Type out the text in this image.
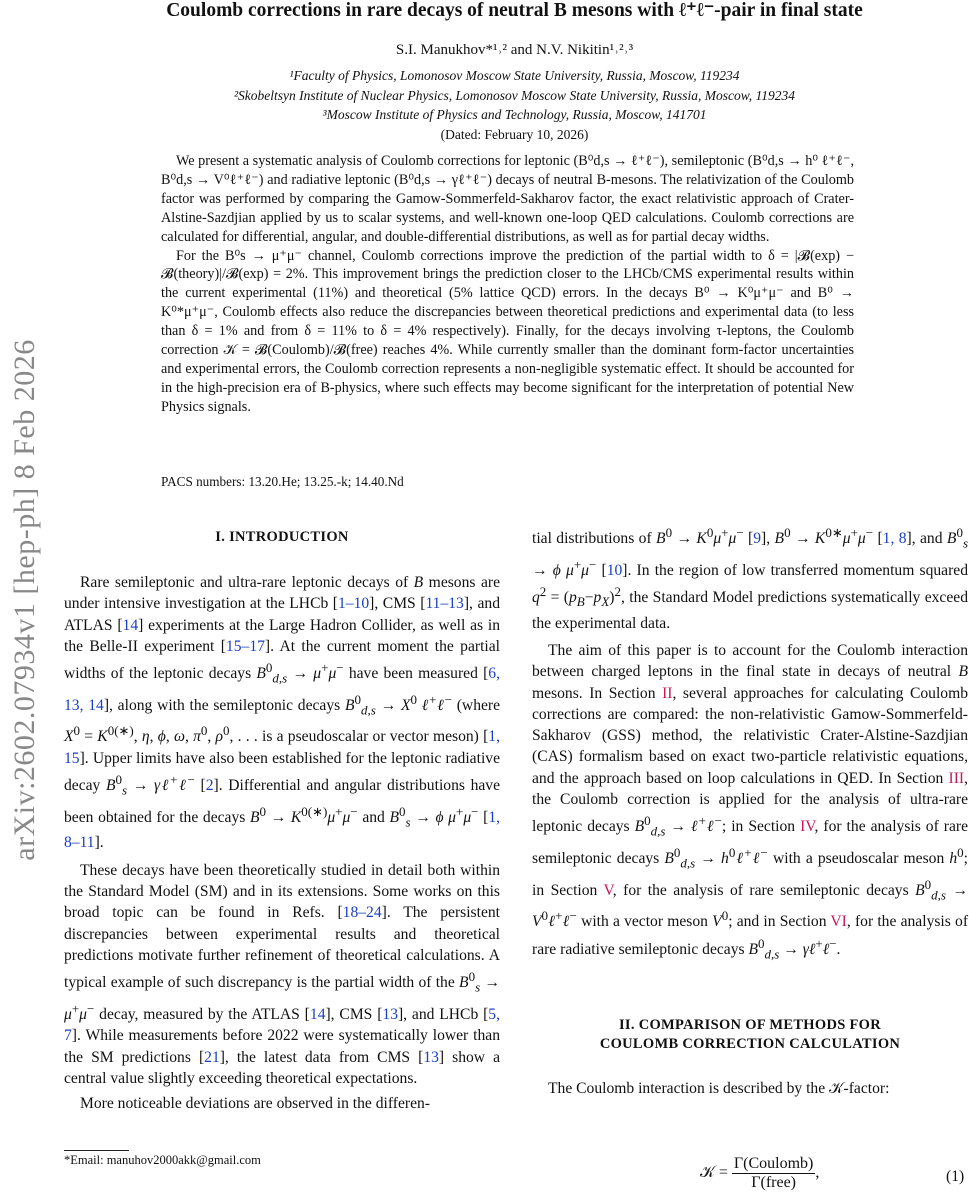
arXiv:2602.07934v1 [hep-ph] 8 Feb 2026
Coulomb corrections in rare decays of neutral B mesons with ℓ⁺ℓ⁻-pair in final state
S.I. Manukhov*¹˒² and N.V. Nikitin¹˒²˒³
¹Faculty of Physics, Lomonosov Moscow State University, Russia, Moscow, 119234
²Skobeltsyn Institute of Nuclear Physics, Lomonosov Moscow State University, Russia, Moscow, 119234
³Moscow Institute of Physics and Technology, Russia, Moscow, 141701
(Dated: February 10, 2026)

We present a systematic analysis of Coulomb corrections for leptonic (B⁰d,s → ℓ⁺ℓ⁻), semileptonic (B⁰d,s → h⁰ ℓ⁺ℓ⁻, B⁰d,s → V⁰ℓ⁺ℓ⁻) and radiative leptonic (B⁰d,s → γℓ⁺ℓ⁻) decays of neutral B-mesons. The relativization of the Coulomb factor was performed by comparing the Gamow-Sommerfeld-Sakharov factor, the exact relativistic approach of Crater-Alstine-Sazdjian applied by us to scalar systems, and well-known one-loop QED calculations. Coulomb corrections are calculated for differential, angular, and double-differential distributions, as well as for partial decay widths.

For the B⁰s → μ⁺μ⁻ channel, Coulomb corrections improve the prediction of the partial width to δ = |𝓑(exp) − 𝓑(theory)|/𝓑(exp) = 2%. This improvement brings the prediction closer to the LHCb/CMS experimental results within the current experimental (11%) and theoretical (5% lattice QCD) errors. In the decays B⁰ → K⁰μ⁺μ⁻ and B⁰ → K⁰*μ⁺μ⁻, Coulomb effects also reduce the discrepancies between theoretical predictions and experimental data (to less than δ = 1% and from δ = 11% to δ = 4% respectively). Finally, for the decays involving τ-leptons, the Coulomb correction 𝒦 = 𝓑(Coulomb)/𝓑(free) reaches 4%. While currently smaller than the dominant form-factor uncertainties and experimental errors, the Coulomb correction represents a non-negligible systematic effect. It should be accounted for in the high-precision era of B-physics, where such effects may become significant for the interpretation of potential New Physics signals.

PACS numbers: 13.20.He; 13.25.-k; 14.40.Nd
I. INTRODUCTION

Rare semileptonic and ultra-rare leptonic decays of B mesons are under intensive investigation at the LHCb [1–10], CMS [11–13], and ATLAS [14] experiments at the Large Hadron Collider, as well as in the Belle-II experiment [15–17]. At the current moment the partial widths of the leptonic decays $B^0_{d,s} \to \mu^+\mu^-$ have been measured [6, 13, 14], along with the semileptonic decays $B^0_{d,s} \to X^0$ ℓ+ℓ− (where $X^0 = K^{0(∗)}$, η, ϕ, ω, $\pi^0$, $\rho^0$, . . . is a pseudoscalar or vector meson) [1, 15]. Upper limits have also been established for the leptonic radiative decay $B^0_s$ → γℓ+ℓ− [2]. Differential and angular distributions have been obtained for the decays $B^0 \to K^{0(∗)}\mu^+\mu^-$ and $B^0_s \to \phi$ μ+μ− [1, 8–11].

These decays have been theoretically studied in detail both within the Standard Model (SM) and in its extensions. Some works on this broad topic can be found in Refs. [18–24]. The persistent discrepancies between experimental results and theoretical predictions motivate further refinement of theoretical calculations. A typical example of such discrepancy is the partial width of the $B^0_s \to \mu^+\mu^-$ decay, measured by the ATLAS [14], CMS [13], and LHCb [5, 7]. While measurements before 2022 were systematically lower than the SM predictions [21], the latest data from CMS [13] show a central value slightly exceeding theoretical expectations.

More noticeable deviations are observed in the differen-

tial distributions of $B^0 \to K^0\mu^+\mu^-$ [9], $B^0 \to K^{0∗}\mu^+\mu^-$ [1, 8], and $B^0_s \to \phi$ μ+μ− [10]. In the region of low transferred momentum squared $q^2 = (p_B-p_X)^2$, the Standard Model predictions systematically exceed the experimental data.

The aim of this paper is to account for the Coulomb interaction between charged leptons in the final state in decays of neutral B mesons. In Section II, several approaches for calculating Coulomb corrections are compared: the non-relativistic Gamow-Sommerfeld-Sakharov (GSS) method, the relativistic Crater-Alstine-Sazdjian (CAS) formalism based on exact two-particle relativistic equations, and the approach based on loop calculations in QED. In Section III, the Coulomb correction is applied for the analysis of ultra-rare leptonic decays $B^0_{d,s}$ → ℓ+ℓ−; in Section IV, for the analysis of rare semileptonic decays $B^0_{d,s}$ → $h^0\ell^+\ell^-$ with a pseudoscalar meson $h^0$; in Section V, for the analysis of rare semileptonic decays $B^0_{d,s}$ → $V^0\ell^+\ell^-$ with a vector meson $V^0$; and in Section VI, for the analysis of rare radiative semileptonic decays $B^0_{d,s}$ → γℓ+ℓ−.

II. COMPARISON OF METHODS FOR
COULOMB CORRECTION CALCULATION

The Coulomb interaction is described by the 𝒦-factor:

*Email: manuhov2000akk@gmail.com
𝒦 = $\frac{\text{Γ(Coulomb)}}{\text{Γ(free)}}$ ,	(1)
